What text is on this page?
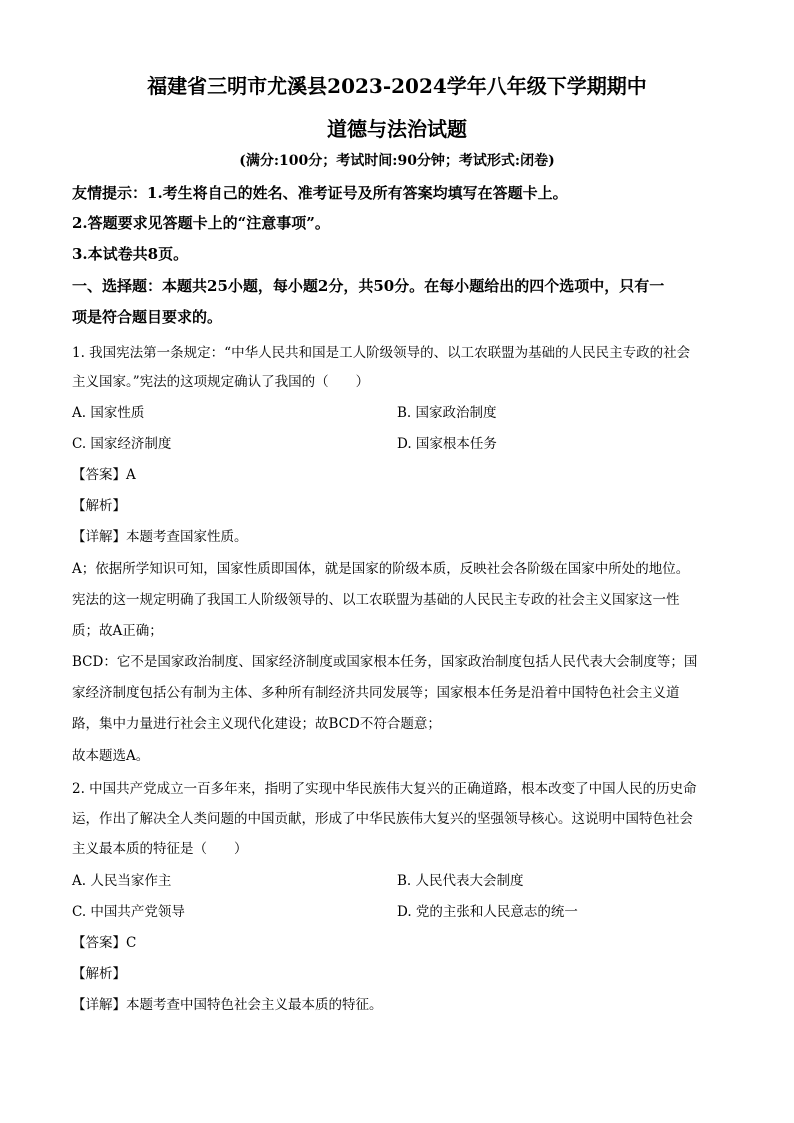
福建省三明市尤溪县2023-2024学年八年级下学期期中
道德与法治试题
(满分:100分；考试时间:90分钟；考试形式:闭卷)
友情提示：1.考生将自己的姓名、准考证号及所有答案均填写在答题卡上。
2.答题要求见答题卡上的“注意事项”。
3.本试卷共8页。
一、选择题：本题共25小题，每小题2分，共50分。在每小题给出的四个选项中，只有一
项是符合题目要求的。
1. 我国宪法第一条规定：“中华人民共和国是工人阶级领导的、以工农联盟为基础的人民民主专政的社会
主义国家。”宪法的这项规定确认了我国的（　　）
A. 国家性质	B. 国家政治制度
C. 国家经济制度	D. 国家根本任务
【答案】A
【解析】
【详解】本题考查国家性质。
A；依据所学知识可知，国家性质即国体，就是国家的阶级本质，反映社会各阶级在国家中所处的地位。
宪法的这一规定明确了我国工人阶级领导的、以工农联盟为基础的人民民主专政的社会主义国家这一性
质；故A正确；
BCD：它不是国家政治制度、国家经济制度或国家根本任务，国家政治制度包括人民代表大会制度等；国
家经济制度包括公有制为主体、多种所有制经济共同发展等；国家根本任务是沿着中国特色社会主义道
路，集中力量进行社会主义现代化建设；故BCD不符合题意；
故本题选A。
2. 中国共产党成立一百多年来，指明了实现中华民族伟大复兴的正确道路，根本改变了中国人民的历史命
运，作出了解决全人类问题的中国贡献，形成了中华民族伟大复兴的坚强领导核心。这说明中国特色社会
主义最本质的特征是（　　）
A. 人民当家作主	B. 人民代表大会制度
C. 中国共产党领导	D. 党的主张和人民意志的统一
【答案】C
【解析】
【详解】本题考查中国特色社会主义最本质的特征。
